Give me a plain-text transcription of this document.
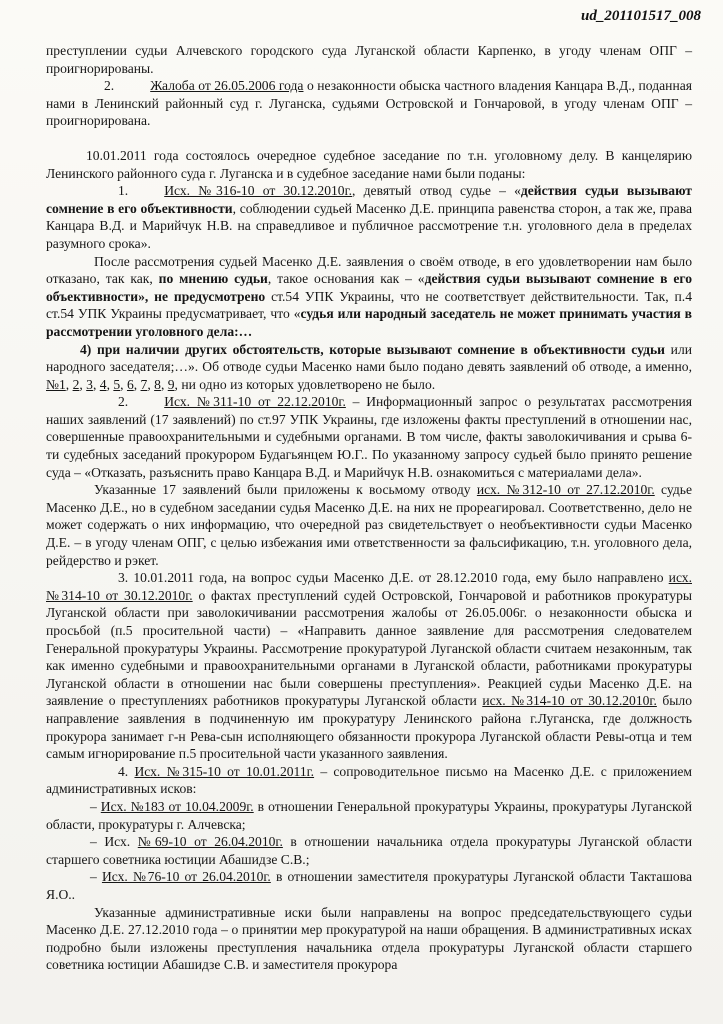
ud_201101517_008

преступлении судьи Алчевского городского суда Луганской области Карпенко, в угоду членам ОПГ – проигнорированы.

2.	Жалоба от 26.05.2006 года о незаконности обыска частного владения Канцара В.Д., поданная нами в Ленинский районный суд г. Луганска, судьями Островской и Гончаровой, в угоду членам ОПГ – проигнорирована.

10.01.2011 года состоялось очередное судебное заседание по т.н. уголовному делу. В канцелярию Ленинского районного суда г. Луганска и в судебное заседание нами были поданы:

1.	Исх. №316-10 от 30.12.2010г., девятый отвод судье – «действия судьи вызывают сомнение в его объективности, соблюдении судьей Масенко Д.Е. принципа равенства сторон, а так же, права Канцара В.Д. и Марийчук Н.В. на справедливое и публичное рассмотрение т.н. уголовного дела в пределах разумного срока».

После рассмотрения судьей Масенко Д.Е. заявления о своём отводе, в его удовлетворении нам было отказано, так как, по мнению судьи, такое основания как – «действия судьи вызывают сомнение в его объективности», не предусмотрено ст.54 УПК Украины, что не соответствует действительности. Так, п.4 ст.54 УПК Украины предусматривает, что «судья или народный заседатель не может принимать участия в рассмотрении уголовного дела:…

4) при наличии других обстоятельств, которые вызывают сомнение в объективности судьи или народного заседателя;…». Об отводе судьи Масенко нами было подано девять заявлений об отводе, а именно, №1, 2, 3, 4, 5, 6, 7, 8, 9, ни одно из которых удовлетворено не было.

2.	Исх. №311-10 от 22.12.2010г. – Информационный запрос о результатах рассмотрения наших заявлений (17 заявлений) по ст.97 УПК Украины, где изложены факты преступлений в отношении нас, совершенные правоохранительными и судебными органами. В том числе, факты заволокичивания и срыва 6-ти судебных заседаний прокурором Будагьянцем Ю.Г.. По указанному запросу судьей было принято решение суда – «Отказать, разъяснить право Канцара В.Д. и Марийчук Н.В. ознакомиться с материалами дела».

Указанные 17 заявлений были приложены к восьмому отводу исх. №312-10 от 27.12.2010г. судье Масенко Д.Е., но в судебном заседании судья Масенко Д.Е. на них не прореагировал. Соответственно, дело не может содержать о них информацию, что очередной раз свидетельствует о необъективности судьи Масенко Д.Е. – в угоду членам ОПГ, с целью избежания ими ответственности за фальсификацию, т.н. уголовного дела, рейдерство и рэкет.

3. 10.01.2011 года, на вопрос судьи Масенко Д.Е. от 28.12.2010 года, ему было направлено исх. №314-10 от 30.12.2010г. о фактах преступлений судей Островской, Гончаровой и работников прокуратуры Луганской области при заволокичивании рассмотрения жалобы от 26.05.006г. о незаконности обыска и просьбой (п.5 просительной части) – «Направить данное заявление для рассмотрения следователем Генеральной прокуратуры Украины. Рассмотрение прокуратурой Луганской области считаем незаконным, так как именно судебными и правоохранительными органами в Луганской области, работниками прокуратуры Луганской области в отношении нас были совершены преступления». Реакцией судьи Масенко Д.Е. на заявление о преступлениях работников прокуратуры Луганской области исх. №314-10 от 30.12.2010г. было направление заявления в подчиненную им прокуратуру Ленинского района г.Луганска, где должность прокурора занимает г-н Рева-сын исполняющего обязанности прокурора Луганской области Ревы-отца и тем самым игнорирование п.5 просительной части указанного заявления.

4. Исх. №315-10 от 10.01.2011г. – сопроводительное письмо на Масенко Д.Е. с приложением административных исков:

– Исх. №183 от 10.04.2009г. в отношении Генеральной прокуратуры Украины, прокуратуры Луганской области, прокуратуры г. Алчевска;

– Исх. №69-10 от 26.04.2010г. в отношении начальника отдела прокуратуры Луганской области старшего советника юстиции Абашидзе С.В.;

– Исх. №76-10 от 26.04.2010г. в отношении заместителя прокуратуры Луганской области Такташова Я.О..

Указанные административные иски были направлены на вопрос председательствующего судьи Масенко Д.Е. 27.12.2010 года – о принятии мер прокуратурой на наши обращения. В административных исках подробно были изложены преступления начальника отдела прокуратуры Луганской области старшего советника юстиции Абашидзе С.В. и заместителя прокурора
